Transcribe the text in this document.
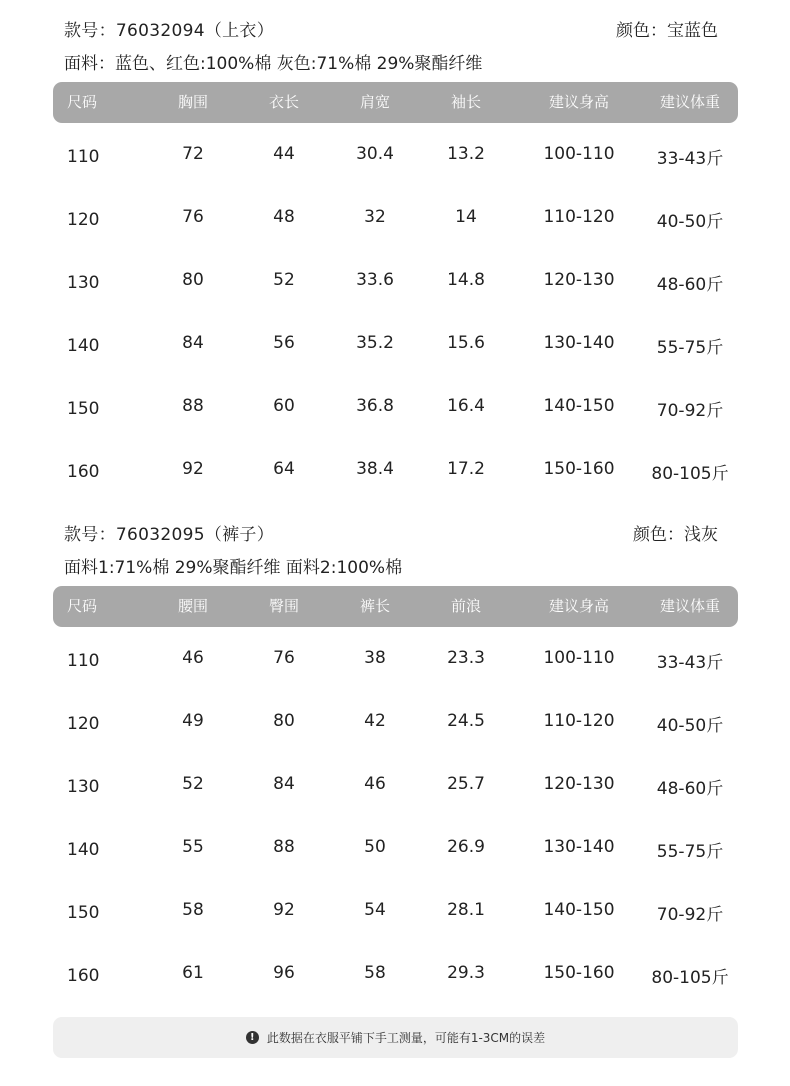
款号：76032094（上衣）	颜色：宝蓝色
面料：蓝色、红色:100%棉 灰色:71%棉 29%聚酯纤维
尺码	胸围	衣长	肩宽	袖长	建议身高	建议体重
110	72	44	30.4	13.2	100-110 33-43斤
120	76	48	32	14	110-120 40-50斤
130	80	52	33.6	14.8	120-130 48-60斤
140	84	56	35.2	15.6	130-140 55-75斤
150	88	60	36.8	16.4	140-150 70-92斤
160	92	64	38.4	17.2	150-160 80-105斤
款号：76032095（裤子）	颜色：浅灰
面料1:71%棉 29%聚酯纤维 面料2:100%棉
尺码	腰围	臀围	裤长	前浪	建议身高	建议体重
110	46	76	38	23.3	100-110 33-43斤
120	49	80	42	24.5	110-120 40-50斤
130	52	84	46	25.7	120-130 48-60斤
140	55	88	50	26.9	130-140 55-75斤
150	58	92	54	28.1	140-150 70-92斤
160	61	96	58	29.3	150-160 80-105斤
!	此数据在衣服平铺下手工测量，可能有1-3CM的误差
